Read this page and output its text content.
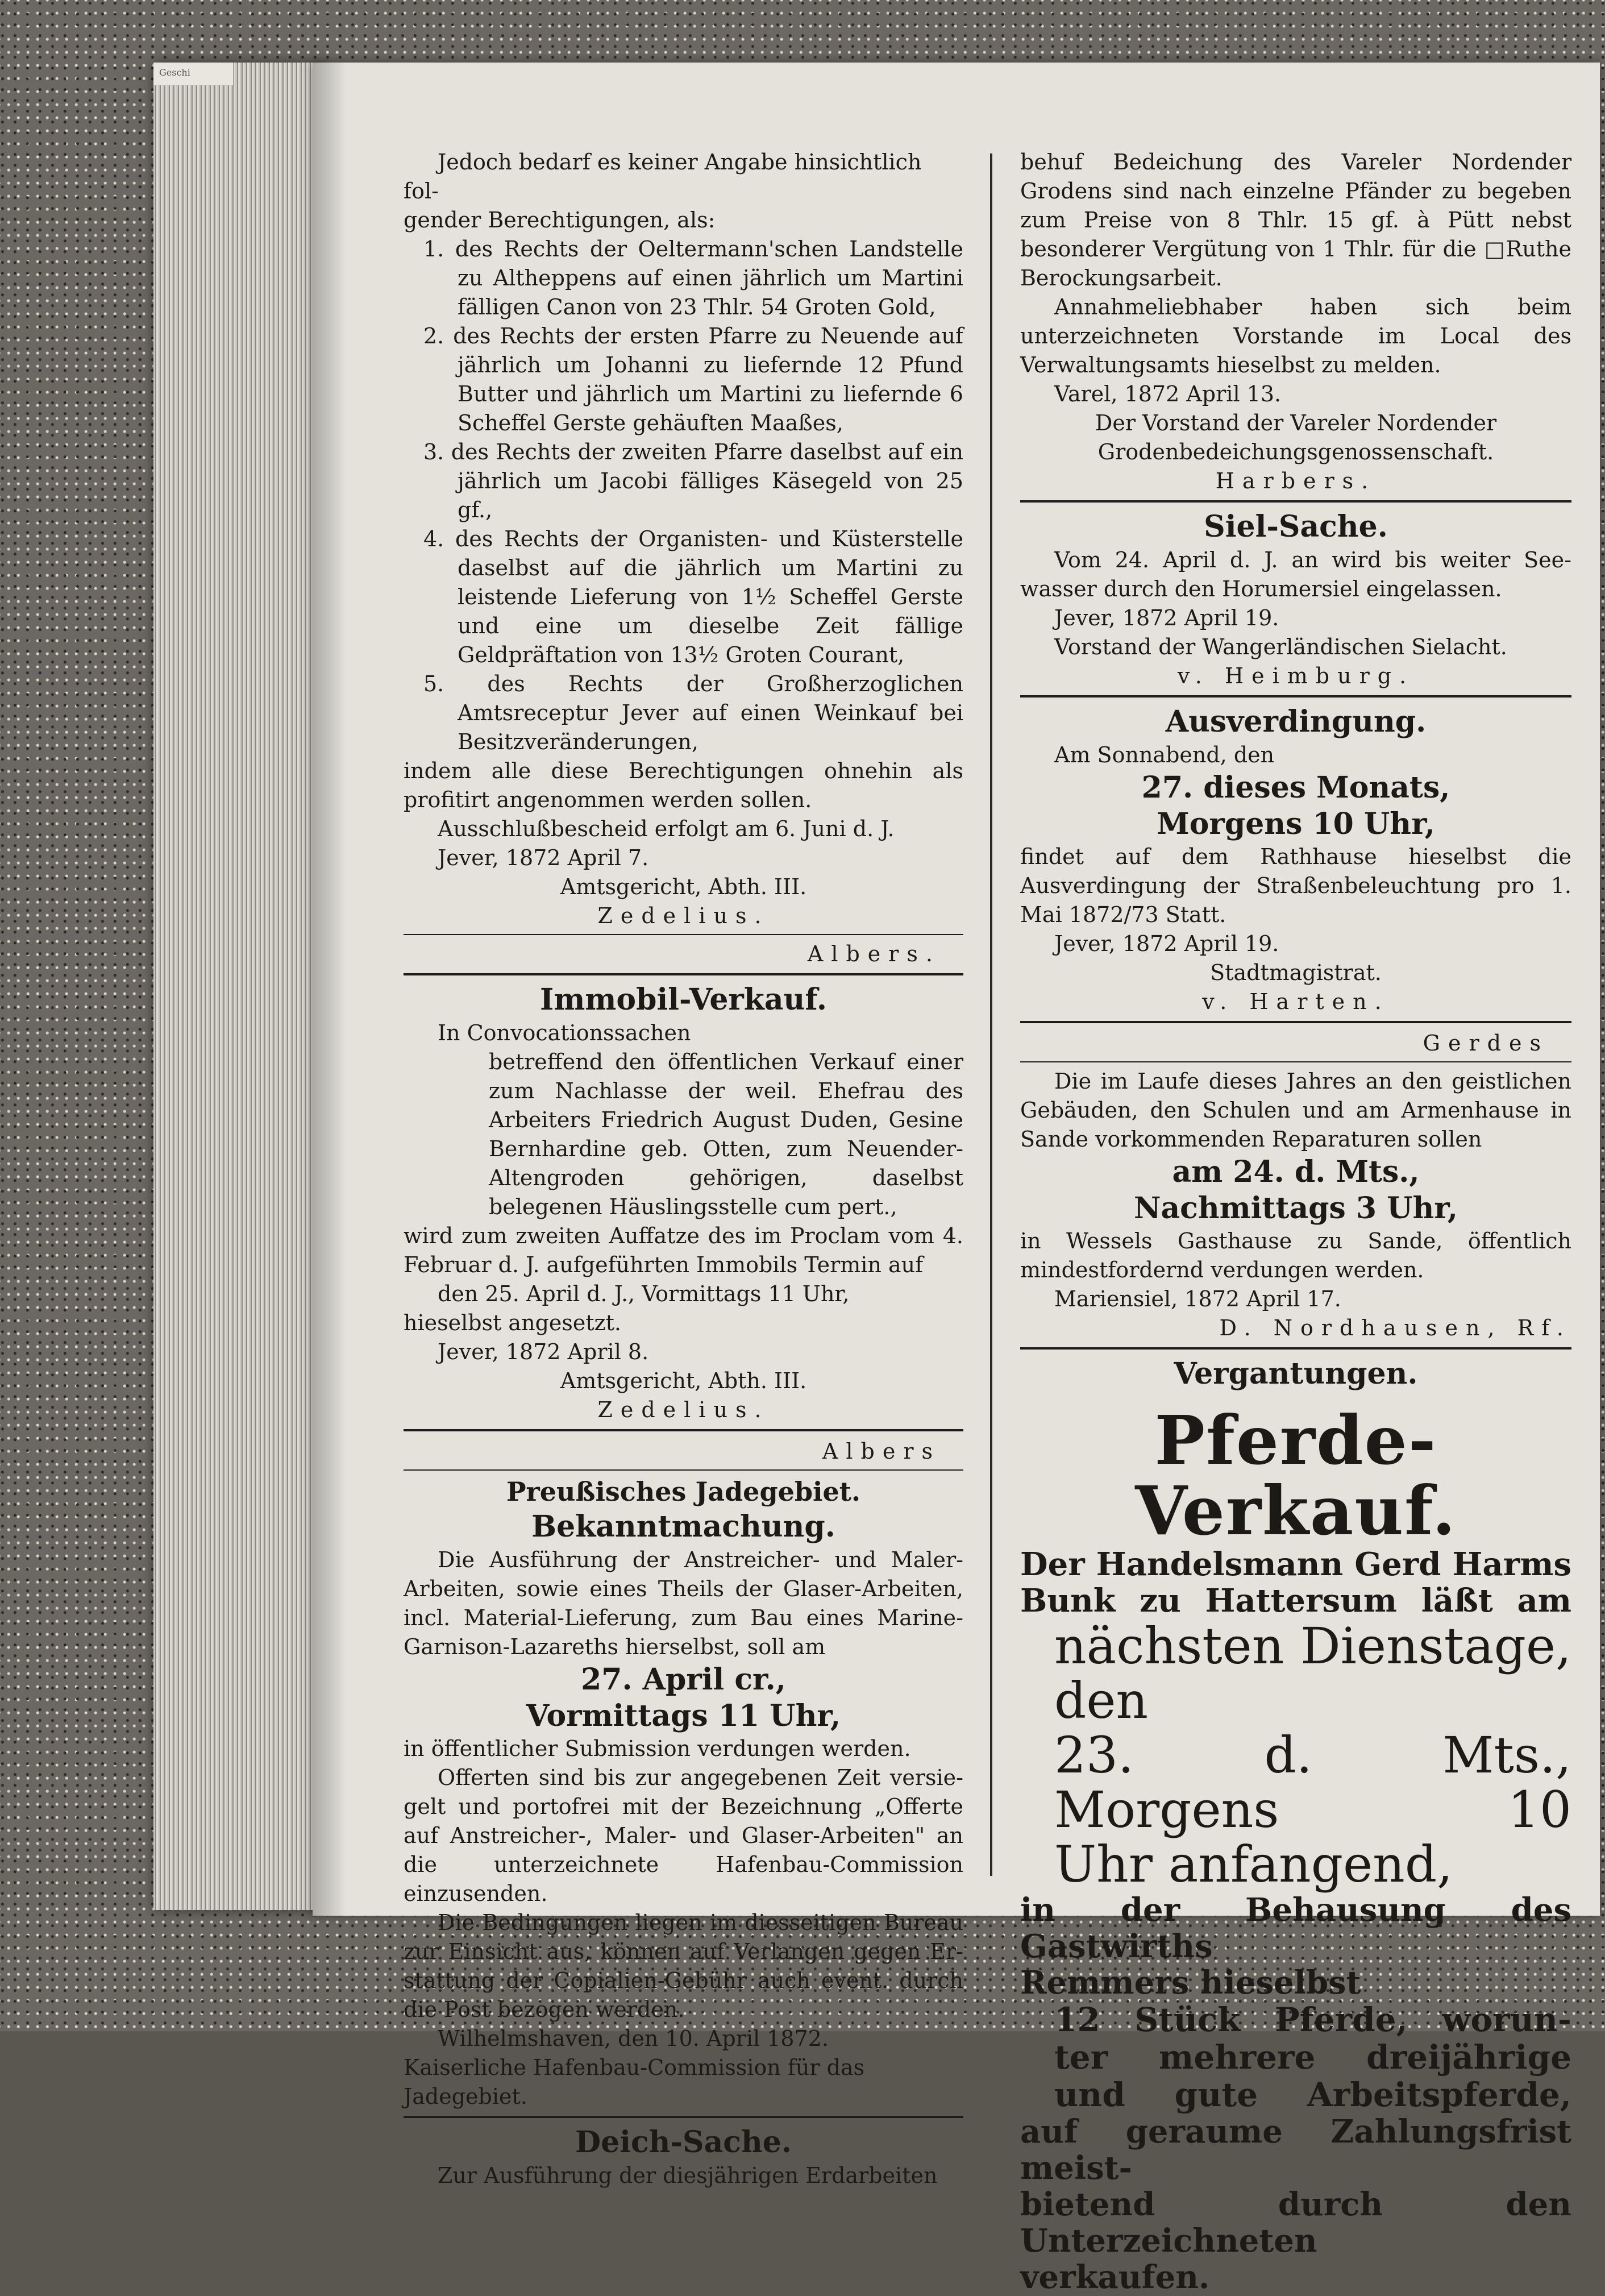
Geschi

Jedoch bedarf es keiner Angabe hinsichtlich fol-

gender Berechtigungen, als:

1. des Rechts der Oeltermann'schen Landstelle zu Altheppens auf einen jährlich um Martini fälligen Canon von 23 Thlr. 54 Groten Gold,

2. des Rechts der ersten Pfarre zu Neuende auf jährlich um Johanni zu liefernde 12 Pfund Butter und jährlich um Martini zu liefernde 6 Scheffel Gerste gehäuften Maaßes,

3. des Rechts der zweiten Pfarre daselbst auf ein jährlich um Jacobi fälliges Käsegeld von 25 gf.,

4. des Rechts der Organisten- und Küsterstelle daselbst auf die jährlich um Martini zu leistende Lieferung von 1½ Scheffel Gerste und eine um dieselbe Zeit fällige Geldpräftation von 13½ Groten Courant,

5. des Rechts der Großherzoglichen Amtsreceptur Jever auf einen Weinkauf bei Besitzveränderungen,

indem alle diese Berechtigungen ohnehin als profitirt angenommen werden sollen.

Ausschlußbescheid erfolgt am 6. Juni d. J.

Jever, 1872 April 7.

Amtsgericht, Abth. III.

Zedelius.

Albers.

Immobil-Verkauf.

In Convocationssachen

betreffend den öffentlichen Verkauf einer zum Nachlasse der weil. Ehefrau des Arbeiters Friedrich August Duden, Gesine Bernhardine geb. Otten, zum Neuender-Altengroden gehörigen, daselbst belegenen Häuslingsstelle cum pert.,

wird zum zweiten Auffatze des im Proclam vom 4. Februar d. J. aufgeführten Immobils Termin auf

den 25. April d. J., Vormittags 11 Uhr,

hieselbst angesetzt.

Jever, 1872 April 8.

Amtsgericht, Abth. III.

Zedelius.

Albers

Preußisches Jadegebiet.

Bekanntmachung.

Die Ausführung der Anstreicher- und Maler-Arbeiten, sowie eines Theils der Glaser-Arbeiten, incl. Material-Lieferung, zum Bau eines Marine-Garnison-Lazareths hierselbst, soll am

27. April cr.,

Vormittags 11 Uhr,

in öffentlicher Submission verdungen werden.

Offerten sind bis zur angegebenen Zeit versiegelt und portofrei mit der Bezeichnung „Offerte auf Anstreicher-, Maler- und Glaser-Arbeiten" an die unterzeichnete Hafenbau-Commission einzusenden.

Die Bedingungen liegen im diesseitigen Bureau zur Einsicht aus, können auf Verlangen gegen Erstattung der Copialien-Gebühr auch event. durch die Post bezogen werden.

Wilhelmshaven, den 10. April 1872.

Kaiserliche Hafenbau-Commission für das Jadegebiet.

Deich-Sache.

Zur Ausführung der diesjährigen Erdarbeiten

behuf Bedeichung des Vareler Nordender Grodens sind nach einzelne Pfänder zu begeben zum Preise von 8 Thlr. 15 gf. à Pütt nebst besonderer Vergütung von 1 Thlr. für die □Ruthe Berockungsarbeit.

Annahmeliebhaber haben sich beim unterzeichneten Vorstande im Local des Verwaltungsamts hieselbst zu melden.

Varel, 1872 April 13.

Der Vorstand der Vareler Nordender

Grodenbedeichungsgenossenschaft.

Harbers.

Siel-Sache.

Vom 24. April d. J. an wird bis weiter Seewasser durch den Horumersiel eingelassen.

Jever, 1872 April 19.

Vorstand der Wangerländischen Sielacht.

v. Heimburg.

Ausverdingung.

Am Sonnabend, den

27. dieses Monats,

Morgens 10 Uhr,

findet auf dem Rathhause hieselbst die Ausverdingung der Straßenbeleuchtung pro 1. Mai 1872/73 Statt.

Jever, 1872 April 19.

Stadtmagistrat.

v. Harten.

Gerdes

Die im Laufe dieses Jahres an den geistlichen Gebäuden, den Schulen und am Armenhause in Sande vorkommenden Reparaturen sollen

am 24. d. Mts.,

Nachmittags 3 Uhr,

in Wessels Gasthause zu Sande, öffentlich mindestfordernd verdungen werden.

Mariensiel, 1872 April 17.

D. Nordhausen, Rf.

Vergantungen.

Pferde-Verkauf.

Der Handelsmann Gerd Harms

Bunk zu Hattersum läßt am

nächsten Dienstage, den

23. d. Mts., Morgens 10

Uhr anfangend,

in der Behausung des Gastwirths

Remmers hieselbst

12 Stück Pferde, worun-

ter mehrere dreijährige

und gute Arbeitspferde,

auf geraume Zahlungsfrist meist-

bietend durch den Unterzeichneten

verkaufen.
